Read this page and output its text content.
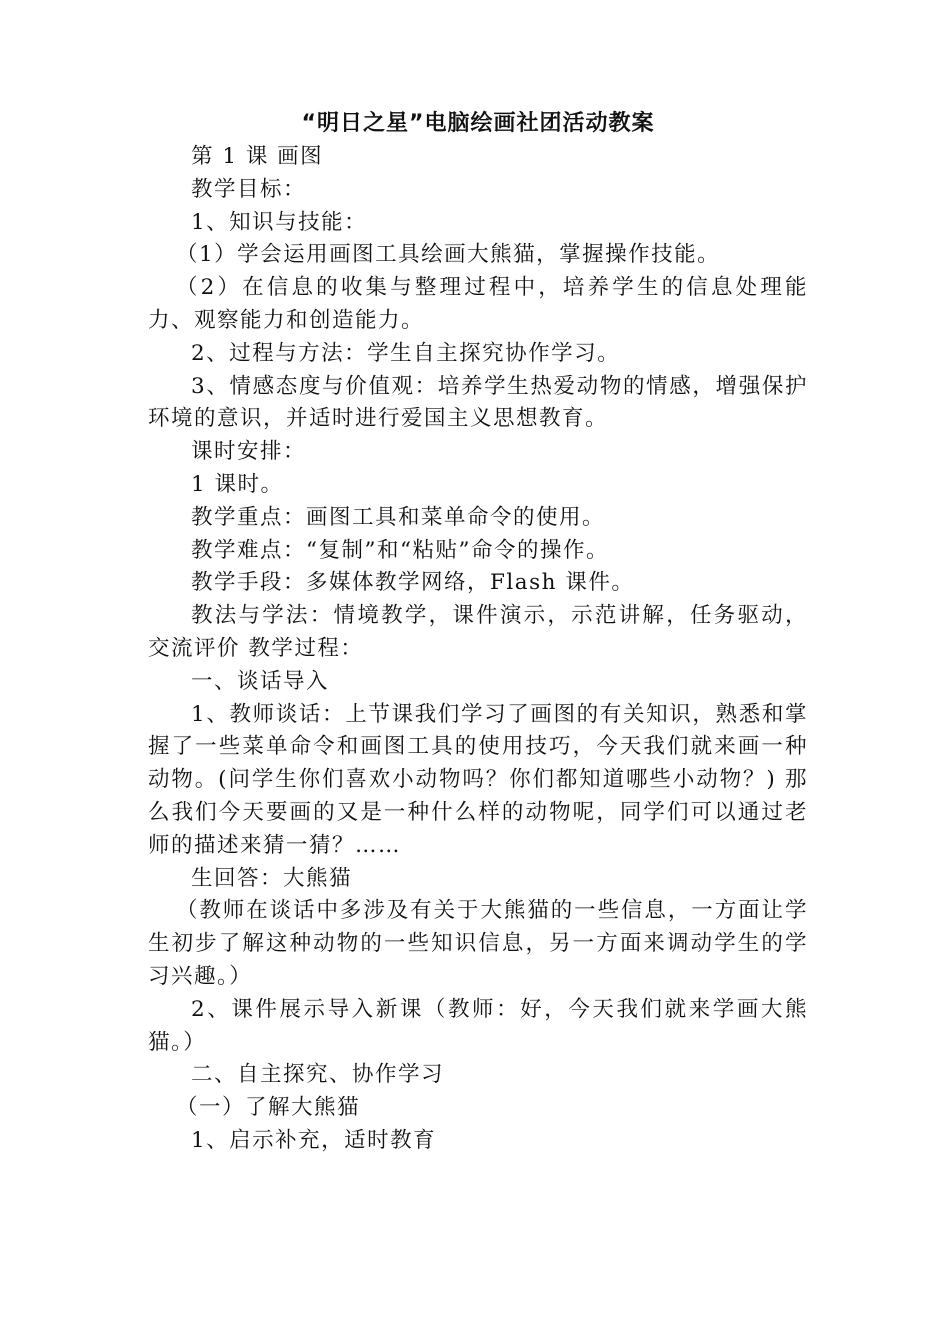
“明日之星”电脑绘画社团活动教案

第 1 课 画图

教学目标：

1、知识与技能：

（1）学会运用画图工具绘画大熊猫，掌握操作技能。

（2）在信息的收集与整理过程中，培养学生的信息处理能力、观察能力和创造能力。

2、过程与方法：学生自主探究协作学习。

3、情感态度与价值观：培养学生热爱动物的情感，增强保护环境的意识，并适时进行爱国主义思想教育。

课时安排：

1 课时。

教学重点：画图工具和菜单命令的使用。

教学难点：“复制”和“粘贴”命令的操作。

教学手段：多媒体教学网络，Flash 课件。

教法与学法：情境教学，课件演示，示范讲解，任务驱动，交流评价 教学过程：

一、谈话导入

1、教师谈话：上节课我们学习了画图的有关知识，熟悉和掌握了一些菜单命令和画图工具的使用技巧，今天我们就来画一种动物。(问学生你们喜欢小动物吗？你们都知道哪些小动物？) 那么我们今天要画的又是一种什么样的动物呢，同学们可以通过老师的描述来猜一猜？……

生回答：大熊猫

（教师在谈话中多涉及有关于大熊猫的一些信息，一方面让学生初步了解这种动物的一些知识信息，另一方面来调动学生的学习兴趣。）

2、课件展示导入新课（教师：好，今天我们就来学画大熊猫。）

二、自主探究、协作学习

（一）了解大熊猫

1、启示补充，适时教育
